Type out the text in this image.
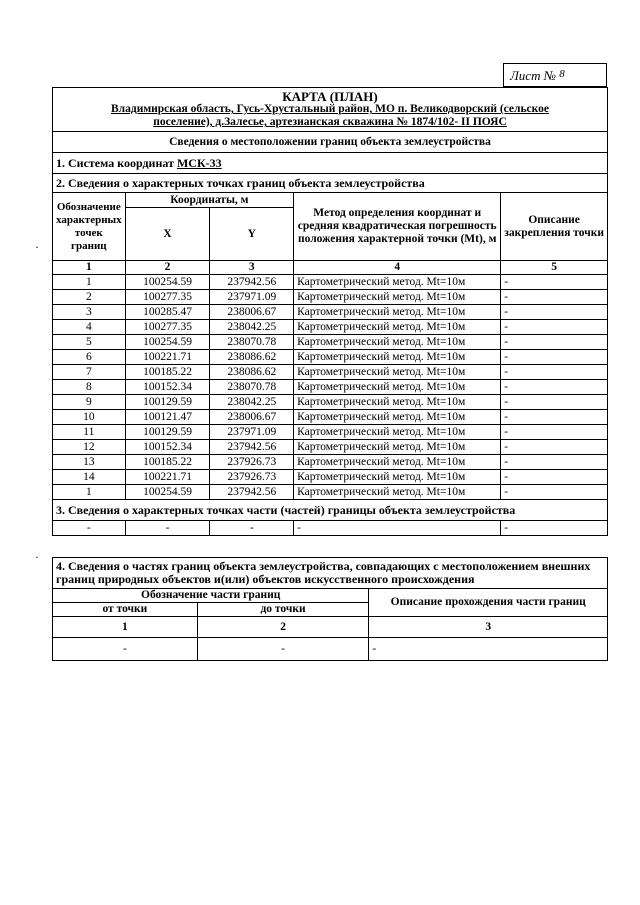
Лист № $^8$
·
·
КАРТА (ПЛАН)
Владимирская область, Гусь-Хрустальный район, МО п. Великодворский (сельское
поселение), д.Залесье, артезианская скважина № 1874/102- II ПОЯС				

Сведения о местоположении границ объекта землеустройства				
1. Система координат МСК-33				
2. Сведения о характерных точках границ объекта землеустройства				
Обозначение характерных точек границ	Координаты, м		Метод определения координат и средняя квадратическая погрешность положения характерной точки (Mt), м	Описание закрепления точки
	X	Y		
1	2	3	4	5
1	100254.59	237942.56	Картометрический метод. Mt=10м	-
2	100277.35	237971.09	Картометрический метод. Mt=10м	-
3	100285.47	238006.67	Картометрический метод. Mt=10м	-
4	100277.35	238042.25	Картометрический метод. Mt=10м	-
5	100254.59	238070.78	Картометрический метод. Mt=10м	-
6	100221.71	238086.62	Картометрический метод. Mt=10м	-
7	100185.22	238086.62	Картометрический метод. Mt=10м	-
8	100152.34	238070.78	Картометрический метод. Mt=10м	-
9	100129.59	238042.25	Картометрический метод. Mt=10м	-
10	100121.47	238006.67	Картометрический метод. Mt=10м	-
11	100129.59	237971.09	Картометрический метод. Mt=10м	-
12	100152.34	237942.56	Картометрический метод. Mt=10м	-
13	100185.22	237926.73	Картометрический метод. Mt=10м	-
14	100221.71	237926.73	Картометрический метод. Mt=10м	-
1	100254.59	237942.56	Картометрический метод. Mt=10м	-
3. Сведения о характерных точках части (частей) границы объекта землеустройства				
-	-	-	-	-
4. Сведения о частях границ объекта землеустройства, совпадающих с местоположением внешних границ природных объектов и(или) объектов искусственного происхождения		
Обозначение части границ		Описание прохождения части границ
от точки	до точки	
1	2	3
-	-	-
